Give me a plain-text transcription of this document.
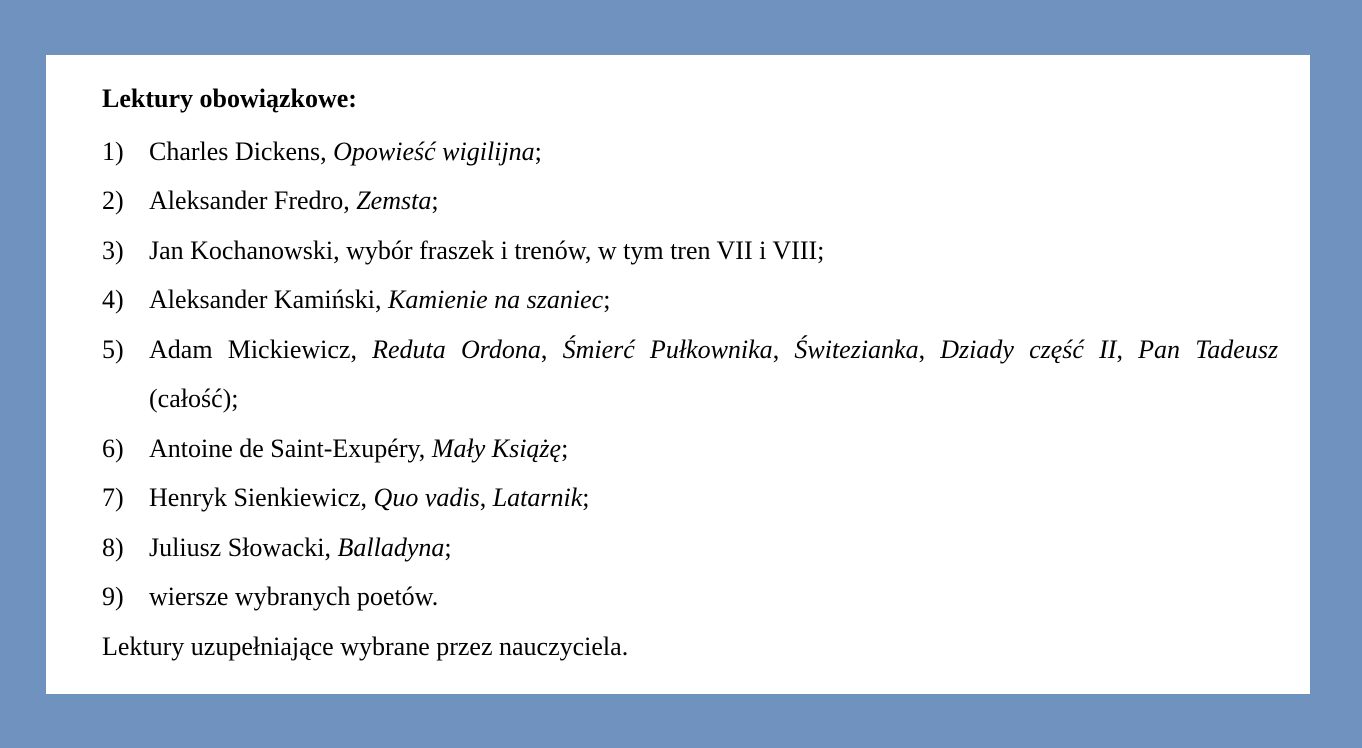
Lektury obowiązkowe:
1) Charles Dickens, Opowieść wigilijna;
2) Aleksander Fredro, Zemsta;
3) Jan Kochanowski, wybór fraszek i trenów, w tym tren VII i VIII;
4) Aleksander Kamiński, Kamienie na szaniec;
5) Adam Mickiewicz, Reduta Ordona, Śmierć Pułkownika, Świtezianka, Dziady część II, Pan Tadeusz (całość);
6) Antoine de Saint-Exupéry, Mały Książę;
7) Henryk Sienkiewicz, Quo vadis, Latarnik;
8) Juliusz Słowacki, Balladyna;
9) wiersze wybranych poetów.
Lektury uzupełniające wybrane przez nauczyciela.
